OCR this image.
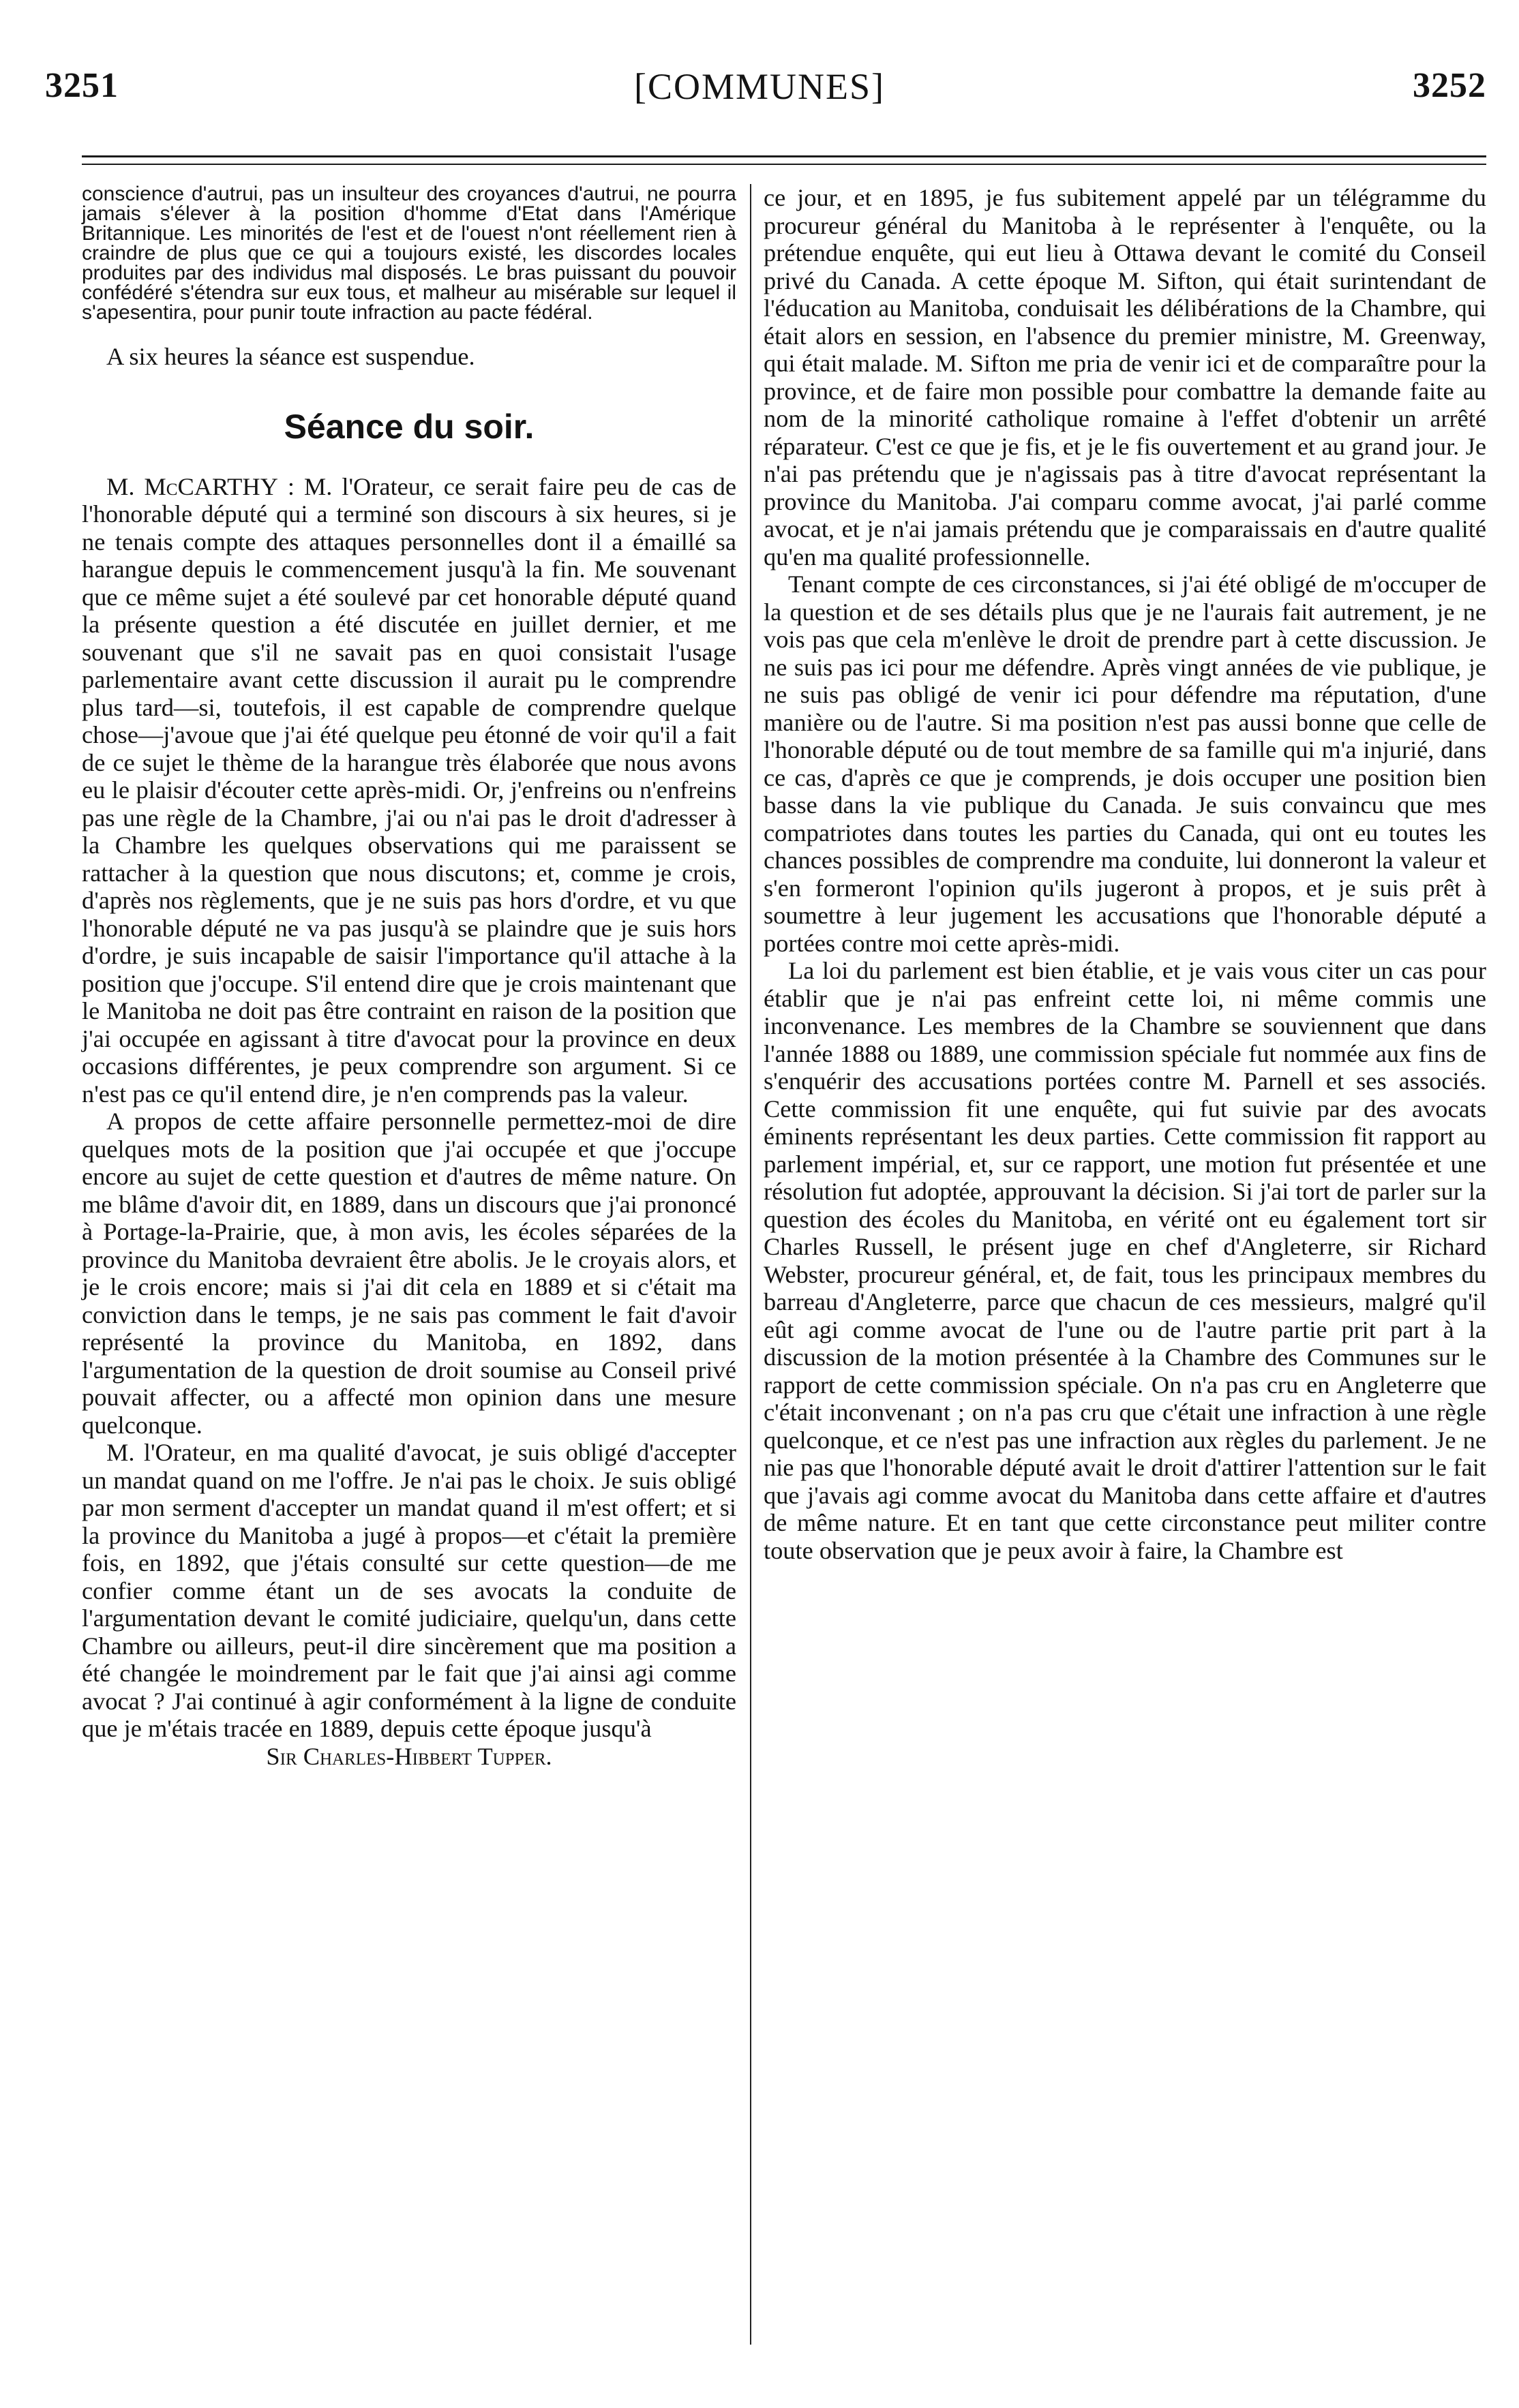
3251	[COMMUNES]	3252

conscience d'autrui, pas un insulteur des croyances d'autrui, ne pourra jamais s'élever à la position d'homme d'Etat dans l'Amérique Britannique. Les minorités de l'est et de l'ouest n'ont réellement rien à craindre de plus que ce qui a toujours existé, les discordes locales produites par des individus mal disposés. Le bras puissant du pouvoir confédéré s'étendra sur eux tous, et malheur au misérable sur lequel il s'apesentira, pour punir toute infraction au pacte fédéral.

A six heures la séance est suspendue.

Séance du soir.

M. McCARTHY : M. l'Orateur, ce serait faire peu de cas de l'honorable député qui a terminé son discours à six heures, si je ne tenais compte des attaques personnelles dont il a émaillé sa harangue depuis le commencement jusqu'à la fin. Me souvenant que ce même sujet a été soulevé par cet honorable député quand la présente question a été discutée en juillet dernier, et me souvenant que s'il ne savait pas en quoi consistait l'usage parlementaire avant cette discussion il aurait pu le comprendre plus tard—si, toutefois, il est capable de comprendre quelque chose—j'avoue que j'ai été quelque peu étonné de voir qu'il a fait de ce sujet le thème de la harangue très élaborée que nous avons eu le plaisir d'écouter cette après-midi. Or, j'enfreins ou n'enfreins pas une règle de la Chambre, j'ai ou n'ai pas le droit d'adresser à la Chambre les quelques observations qui me paraissent se rattacher à la question que nous discutons; et, comme je crois, d'après nos règlements, que je ne suis pas hors d'ordre, et vu que l'honorable député ne va pas jusqu'à se plaindre que je suis hors d'ordre, je suis incapable de saisir l'importance qu'il attache à la position que j'occupe. S'il entend dire que je crois maintenant que le Manitoba ne doit pas être contraint en raison de la position que j'ai occupée en agissant à titre d'avocat pour la province en deux occasions différentes, je peux comprendre son argument. Si ce n'est pas ce qu'il entend dire, je n'en comprends pas la valeur.

A propos de cette affaire personnelle permettez-moi de dire quelques mots de la position que j'ai occupée et que j'occupe encore au sujet de cette question et d'autres de même nature. On me blâme d'avoir dit, en 1889, dans un discours que j'ai prononcé à Portage-la-Prairie, que, à mon avis, les écoles séparées de la province du Manitoba devraient être abolis. Je le croyais alors, et je le crois encore; mais si j'ai dit cela en 1889 et si c'était ma conviction dans le temps, je ne sais pas comment le fait d'avoir représenté la province du Manitoba, en 1892, dans l'argumentation de la question de droit soumise au Conseil privé pouvait affecter, ou a affecté mon opinion dans une mesure quelconque.

M. l'Orateur, en ma qualité d'avocat, je suis obligé d'accepter un mandat quand on me l'offre. Je n'ai pas le choix. Je suis obligé par mon serment d'accepter un mandat quand il m'est offert; et si la province du Manitoba a jugé à propos—et c'était la première fois, en 1892, que j'étais consulté sur cette question—de me confier comme étant un de ses avocats la conduite de l'argumentation devant le comité judiciaire, quelqu'un, dans cette Chambre ou ailleurs, peut-il dire sincèrement que ma position a été changée le moindrement par le fait que j'ai ainsi agi comme avocat ? J'ai continué à agir conformément à la ligne de conduite que je m'étais tracée en 1889, depuis cette époque jusqu'à

Sir Charles-Hibbert Tupper.

ce jour, et en 1895, je fus subitement appelé par un télégramme du procureur général du Manitoba à le représenter à l'enquête, ou la prétendue enquête, qui eut lieu à Ottawa devant le comité du Conseil privé du Canada. A cette époque M. Sifton, qui était surintendant de l'éducation au Manitoba, conduisait les délibérations de la Chambre, qui était alors en session, en l'absence du premier ministre, M. Greenway, qui était malade. M. Sifton me pria de venir ici et de comparaître pour la province, et de faire mon possible pour combattre la demande faite au nom de la minorité catholique romaine à l'effet d'obtenir un arrêté réparateur. C'est ce que je fis, et je le fis ouvertement et au grand jour. Je n'ai pas prétendu que je n'agissais pas à titre d'avocat représentant la province du Manitoba. J'ai comparu comme avocat, j'ai parlé comme avocat, et je n'ai jamais prétendu que je comparaissais en d'autre qualité qu'en ma qualité professionnelle.

Tenant compte de ces circonstances, si j'ai été obligé de m'occuper de la question et de ses détails plus que je ne l'aurais fait autrement, je ne vois pas que cela m'enlève le droit de prendre part à cette discussion. Je ne suis pas ici pour me défendre. Après vingt années de vie publique, je ne suis pas obligé de venir ici pour défendre ma réputation, d'une manière ou de l'autre. Si ma position n'est pas aussi bonne que celle de l'honorable député ou de tout membre de sa famille qui m'a injurié, dans ce cas, d'après ce que je comprends, je dois occuper une position bien basse dans la vie publique du Canada. Je suis convaincu que mes compatriotes dans toutes les parties du Canada, qui ont eu toutes les chances possibles de comprendre ma conduite, lui donneront la valeur et s'en formeront l'opinion qu'ils jugeront à propos, et je suis prêt à soumettre à leur jugement les accusations que l'honorable député a portées contre moi cette après-midi.

La loi du parlement est bien établie, et je vais vous citer un cas pour établir que je n'ai pas enfreint cette loi, ni même commis une inconvenance. Les membres de la Chambre se souviennent que dans l'année 1888 ou 1889, une commission spéciale fut nommée aux fins de s'enquérir des accusations portées contre M. Parnell et ses associés. Cette commission fit une enquête, qui fut suivie par des avocats éminents représentant les deux parties. Cette commission fit rapport au parlement impérial, et, sur ce rapport, une motion fut présentée et une résolution fut adoptée, approuvant la décision. Si j'ai tort de parler sur la question des écoles du Manitoba, en vérité ont eu également tort sir Charles Russell, le présent juge en chef d'Angleterre, sir Richard Webster, procureur général, et, de fait, tous les principaux membres du barreau d'Angleterre, parce que chacun de ces messieurs, malgré qu'il eût agi comme avocat de l'une ou de l'autre partie prit part à la discussion de la motion présentée à la Chambre des Communes sur le rapport de cette commission spéciale. On n'a pas cru en Angleterre que c'était inconvenant ; on n'a pas cru que c'était une infraction à une règle quelconque, et ce n'est pas une infraction aux règles du parlement. Je ne nie pas que l'honorable député avait le droit d'attirer l'attention sur le fait que j'avais agi comme avocat du Manitoba dans cette affaire et d'autres de même nature. Et en tant que cette circonstance peut militer contre toute observation que je peux avoir à faire, la Chambre est
